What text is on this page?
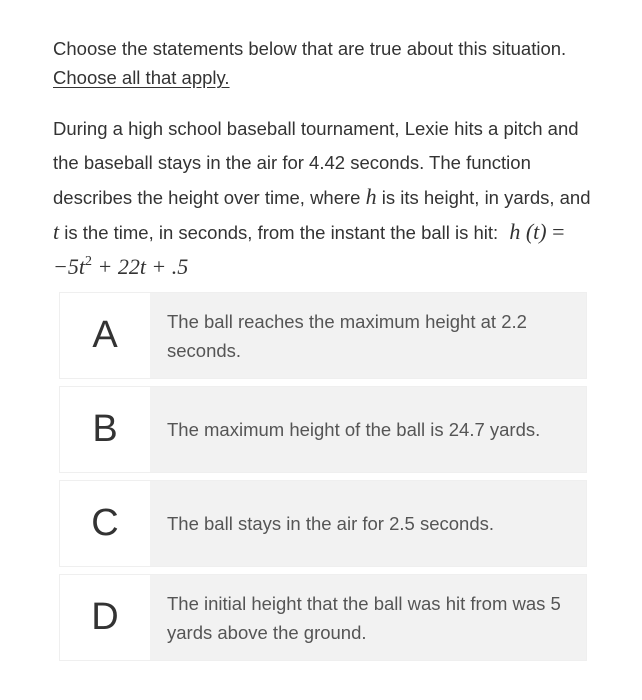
Choose the statements below that are true about this situation. Choose all that apply.

During a high school baseball tournament, Lexie hits a pitch and the baseball stays in the air for 4.42 seconds. The function describes the height over time, where h is its height, in yards, and t is the time, in seconds, from the instant the ball is hit: h $(t) = -5t^2 + 22t + .5$
A	The ball reaches the maximum height at 2.2 seconds.
B	The maximum height of the ball is 24.7 yards.
C	The ball stays in the air for 2.5 seconds.
D	The initial height that the ball was hit from was 5 yards above the ground.
